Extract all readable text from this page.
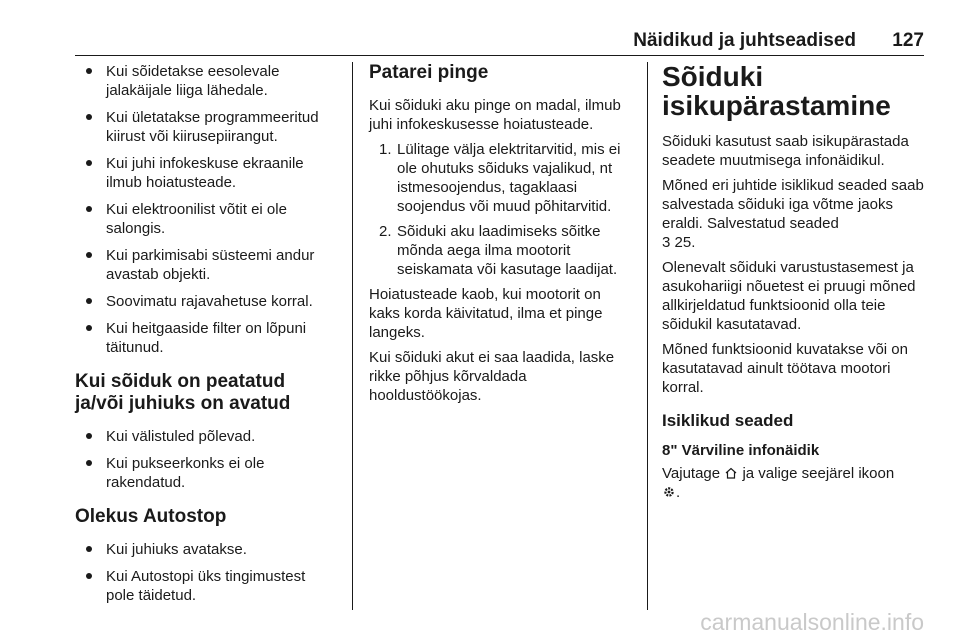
Näidikud ja juhtseadised 127
Kui sõidetakse eesolevale jalakäijale liiga lähedale.
Kui ületatakse programmeeritud kiirust või kiirusepiirangut.
Kui juhi infokeskuse ekraanile ilmub hoiatusteade.
Kui elektroonilist võtit ei ole salongis.
Kui parkimisabi süsteemi andur avastab objekti.
Soovimatu rajavahetuse korral.
Kui heitgaaside filter on lõpuni täitunud.
Kui sõiduk on peatatud ja/või juhiuks on avatud
Kui välistuled põlevad.
Kui pukseerkonks ei ole rakendatud.
Olekus Autostop
Kui juhiuks avatakse.
Kui Autostopi üks tingimustest pole täidetud.
Patarei pinge

Kui sõiduki aku pinge on madal, ilmub juhi infokeskusesse hoiatusteade.

1. Lülitage välja elektritarvitid, mis ei ole ohutuks sõiduks vajalikud, nt istmesoojendus, tagaklaasi soojendus või muud põhitarvitid.
2. Sõiduki aku laadimiseks sõitke mõnda aega ilma mootorit seiskamata või kasutage laadijat.

Hoiatusteade kaob, kui mootorit on kaks korda käivitatud, ilma et pinge langeks.

Kui sõiduki akut ei saa laadida, laske rikke põhjus kõrvaldada hooldustöökojas.

Sõiduki
isikupärastamine

Sõiduki kasutust saab isikupärastada seadete muutmisega infonäidikul.

Mõned eri juhtide isiklikud seaded saab salvestada sõiduki iga võtme jaoks eraldi. Salvestatud seaded
3 25.

Olenevalt sõiduki varustustasemest ja asukohariigi nõuetest ei pruugi mõned allkirjeldatud funktsioonid olla teie sõidukil kasutatavad.

Mõned funktsioonid kuvatakse või on kasutatavad ainult töötava mootori korral.

Isiklikud seaded
8" Värviline infonäidik

Vajutage ja valige seejärel ikoon
.

carmanualsonline.info
